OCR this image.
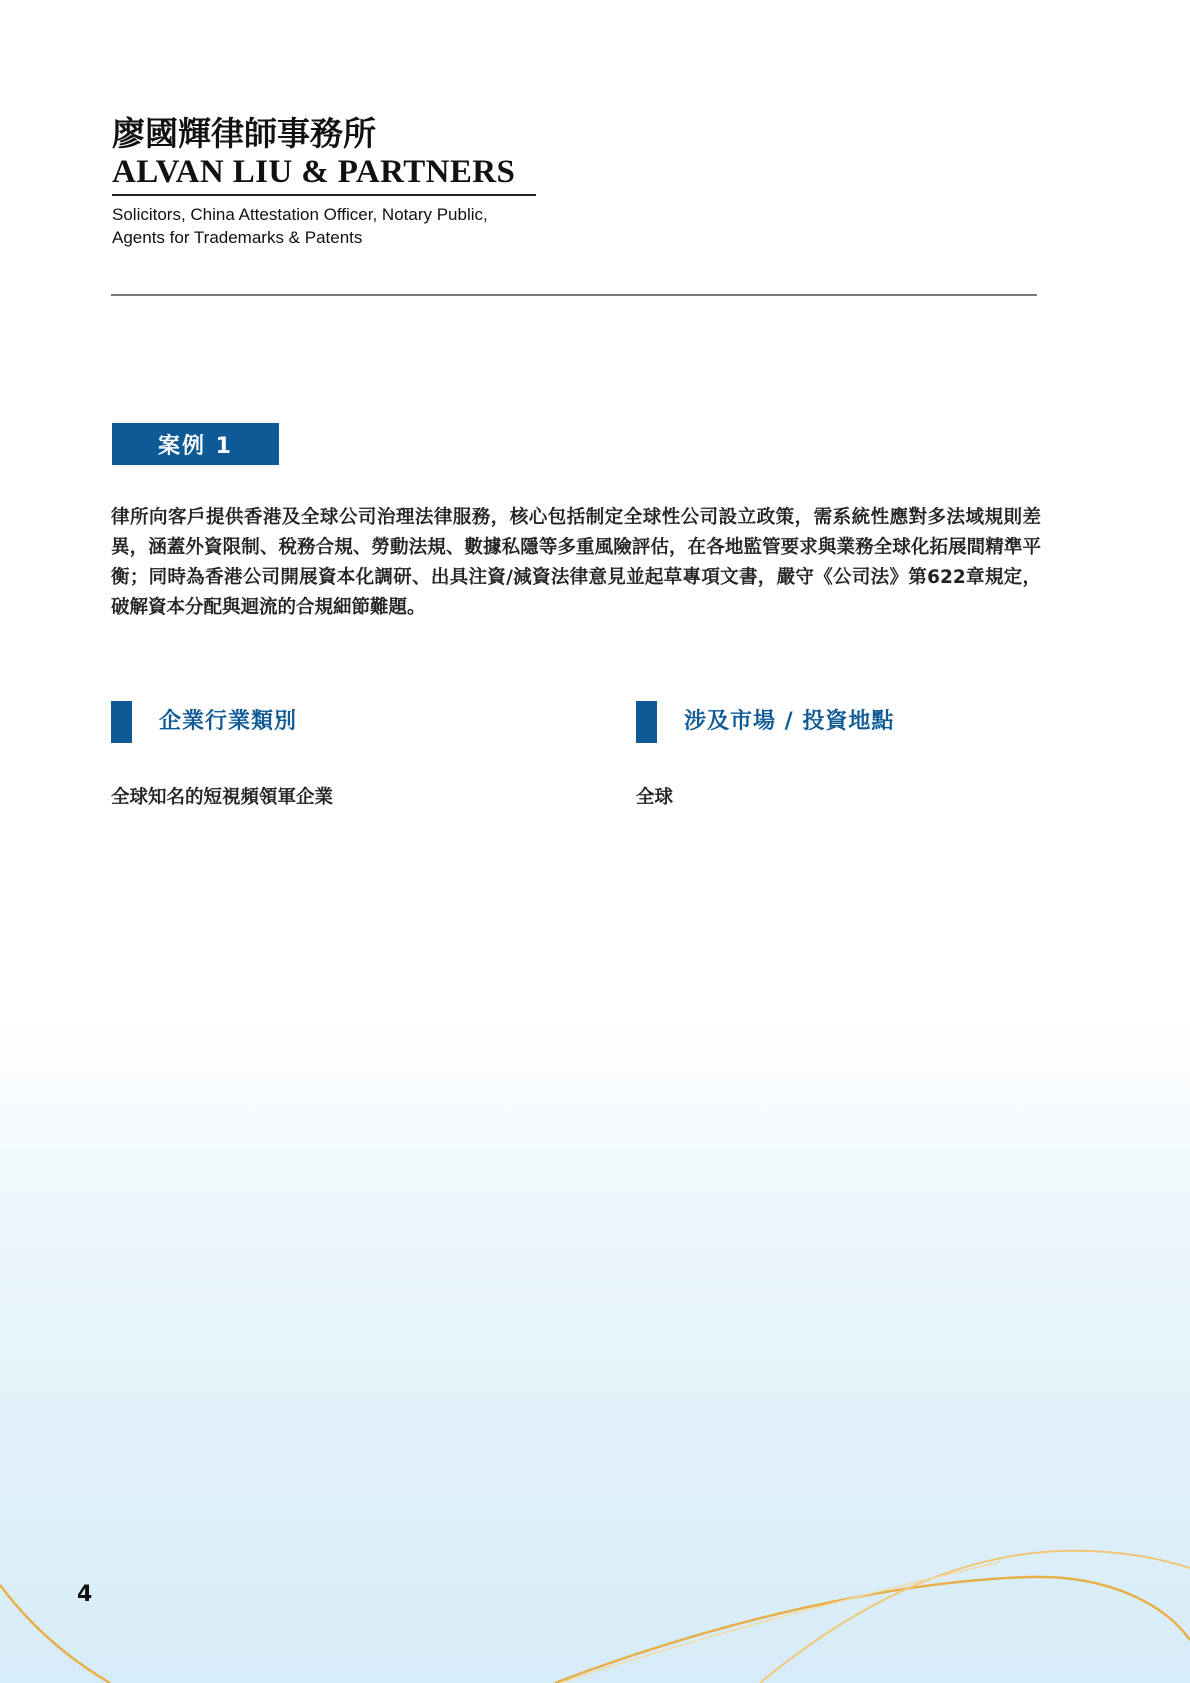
廖國輝律師事務所
ALVAN LIU & PARTNERS
Solicitors, China Attestation Officer, Notary Public,
Agents for Trademarks & Patents
案例 1
律所向客戶提供香港及全球公司治理法律服務，核心包括制定全球性公司設立政策，需系統性應對多法域規則差異，涵蓋外資限制、稅務合規、勞動法規、數據私隱等多重風險評估，在各地監管要求與業務全球化拓展間精準平衡；同時為香港公司開展資本化調研、出具注資/減資法律意見並起草專項文書，嚴守《公司法》第622章規定，破解資本分配與迴流的合規細節難題。
企業行業類別
全球知名的短視頻領軍企業
涉及市場 / 投資地點
全球
4
